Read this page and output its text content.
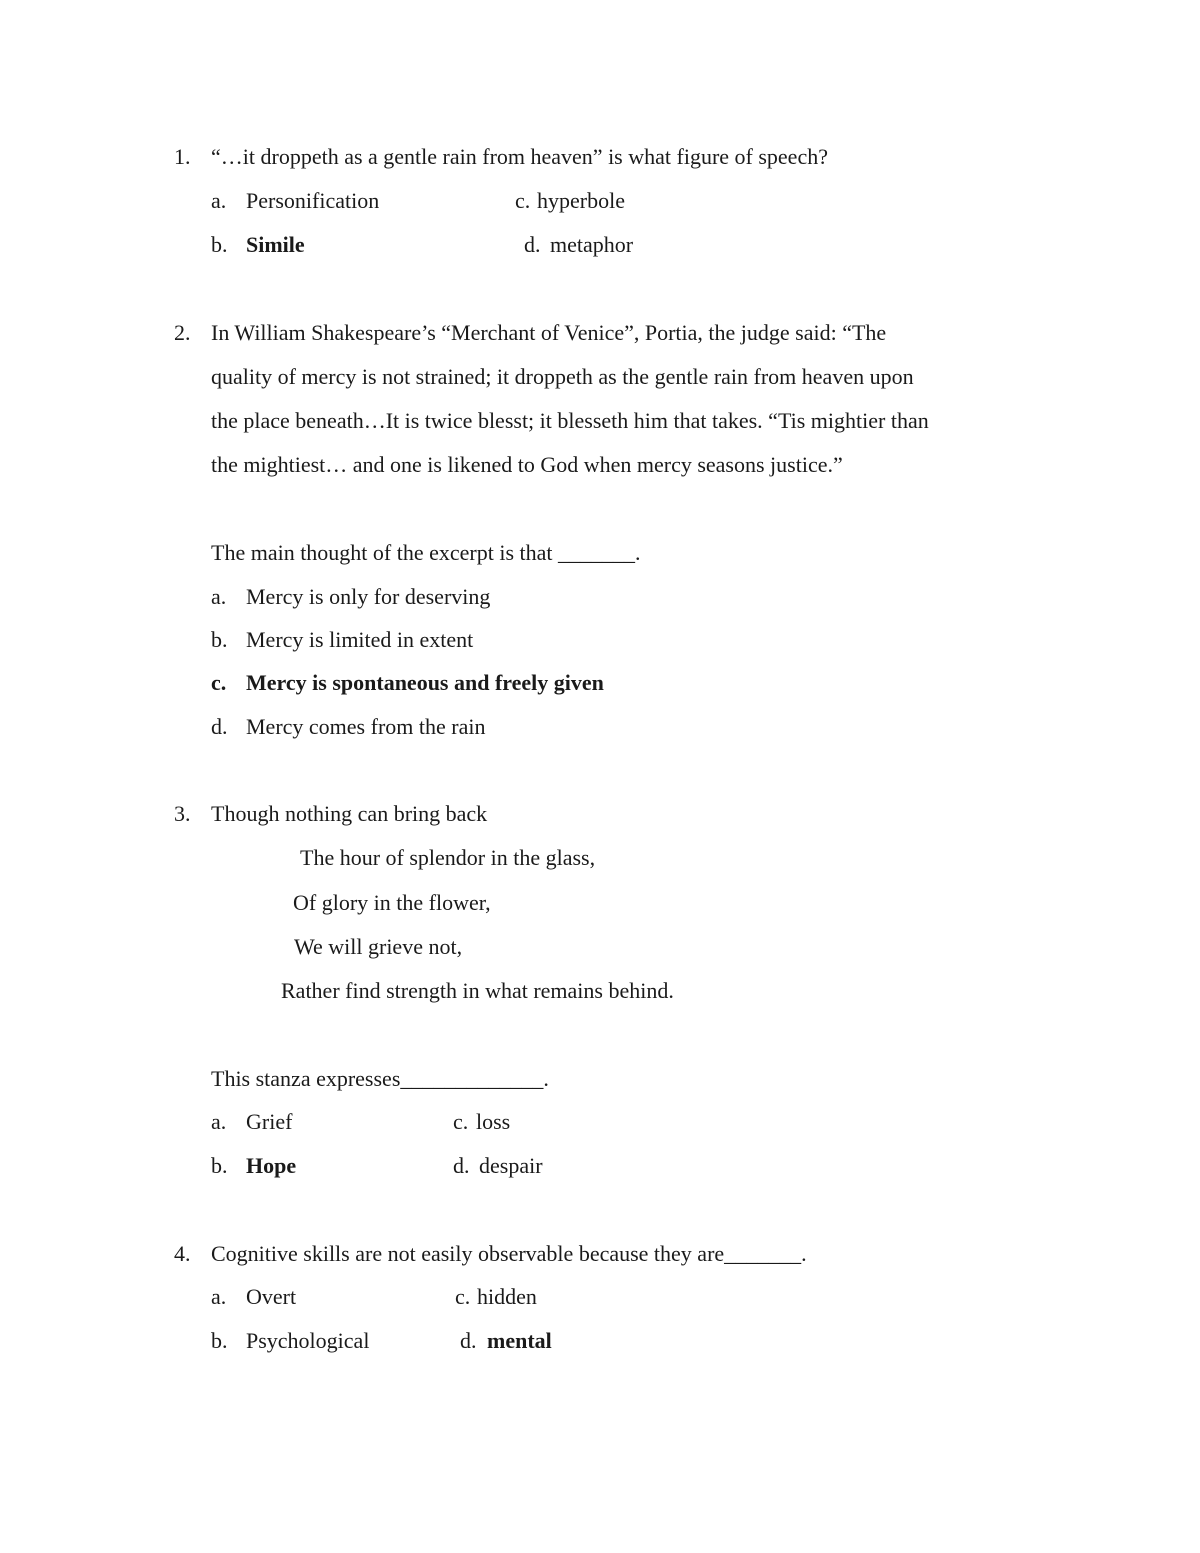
1. “…it droppeth as a gentle rain from heaven” is what figure of speech?
a. Personification	c. hyperbole
b. Simile	d. metaphor
2. In William Shakespeare’s “Merchant of Venice”, Portia, the judge said: “The
quality of mercy is not strained; it droppeth as the gentle rain from heaven upon
the place beneath…It is twice blesst; it blesseth him that takes. “Tis mightier than
the mightiest… and one is likened to God when mercy seasons justice.”
The main thought of the excerpt is that _______.
a. Mercy is only for deserving
b. Mercy is limited in extent
c. Mercy is spontaneous and freely given
d. Mercy comes from the rain
3. Though nothing can bring back
The hour of splendor in the glass,
Of glory in the flower,
We will grieve not,
Rather find strength in what remains behind.
This stanza expresses_____________.
a. Grief	c. loss
b. Hope	d. despair
4. Cognitive skills are not easily observable because they are_______.
a. Overt	c. hidden
b. Psychological	d. mental
